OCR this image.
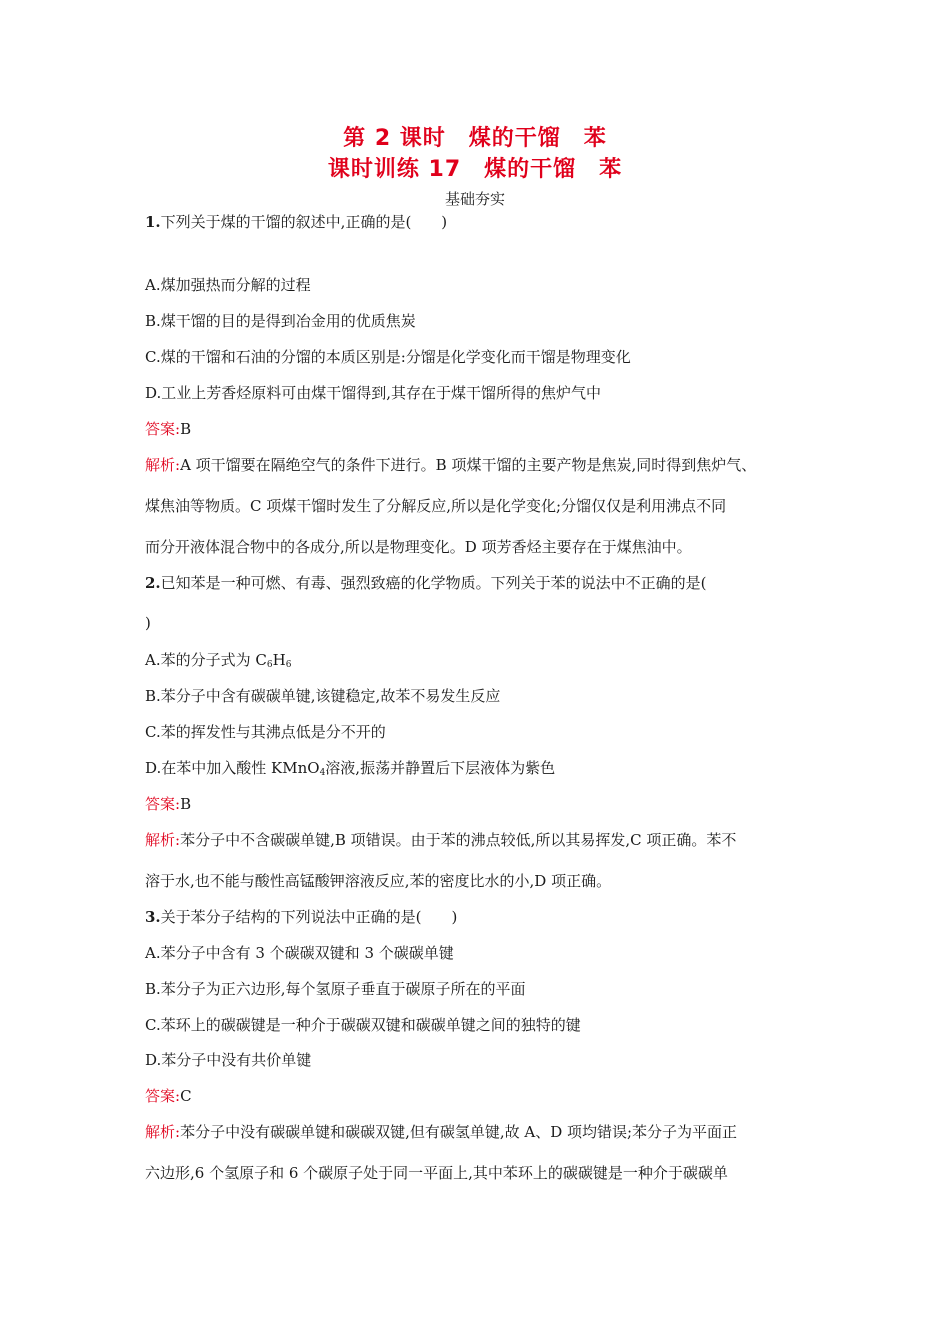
第 2 课时　煤的干馏　苯
课时训练 17　煤的干馏　苯
基础夯实
1.下列关于煤的干馏的叙述中,正确的是(　　)
A.煤加强热而分解的过程
B.煤干馏的目的是得到冶金用的优质焦炭
C.煤的干馏和石油的分馏的本质区别是:分馏是化学变化而干馏是物理变化
D.工业上芳香烃原料可由煤干馏得到,其存在于煤干馏所得的焦炉气中
答案:B
解析:A 项干馏要在隔绝空气的条件下进行。B 项煤干馏的主要产物是焦炭,同时得到焦炉气、
煤焦油等物质。C 项煤干馏时发生了分解反应,所以是化学变化;分馏仅仅是利用沸点不同
而分开液体混合物中的各成分,所以是物理变化。D 项芳香烃主要存在于煤焦油中。
2.已知苯是一种可燃、有毒、强烈致癌的化学物质。下列关于苯的说法中不正确的是(
)
A.苯的分子式为 $C_6H_6$
B.苯分子中含有碳碳单键,该键稳定,故苯不易发生反应
C.苯的挥发性与其沸点低是分不开的
D.在苯中加入酸性 KMnO$_4$溶液,振荡并静置后下层液体为紫色
答案:B
解析:苯分子中不含碳碳单键,B 项错误。由于苯的沸点较低,所以其易挥发,C 项正确。苯不
溶于水,也不能与酸性高锰酸钾溶液反应,苯的密度比水的小,D 项正确。
3.关于苯分子结构的下列说法中正确的是(　　)
A.苯分子中含有 3 个碳碳双键和 3 个碳碳单键
B.苯分子为正六边形,每个氢原子垂直于碳原子所在的平面
C.苯环上的碳碳键是一种介于碳碳双键和碳碳单键之间的独特的键
D.苯分子中没有共价单键
答案:C
解析:苯分子中没有碳碳单键和碳碳双键,但有碳氢单键,故 A、D 项均错误;苯分子为平面正
六边形,6 个氢原子和 6 个碳原子处于同一平面上,其中苯环上的碳碳键是一种介于碳碳单
